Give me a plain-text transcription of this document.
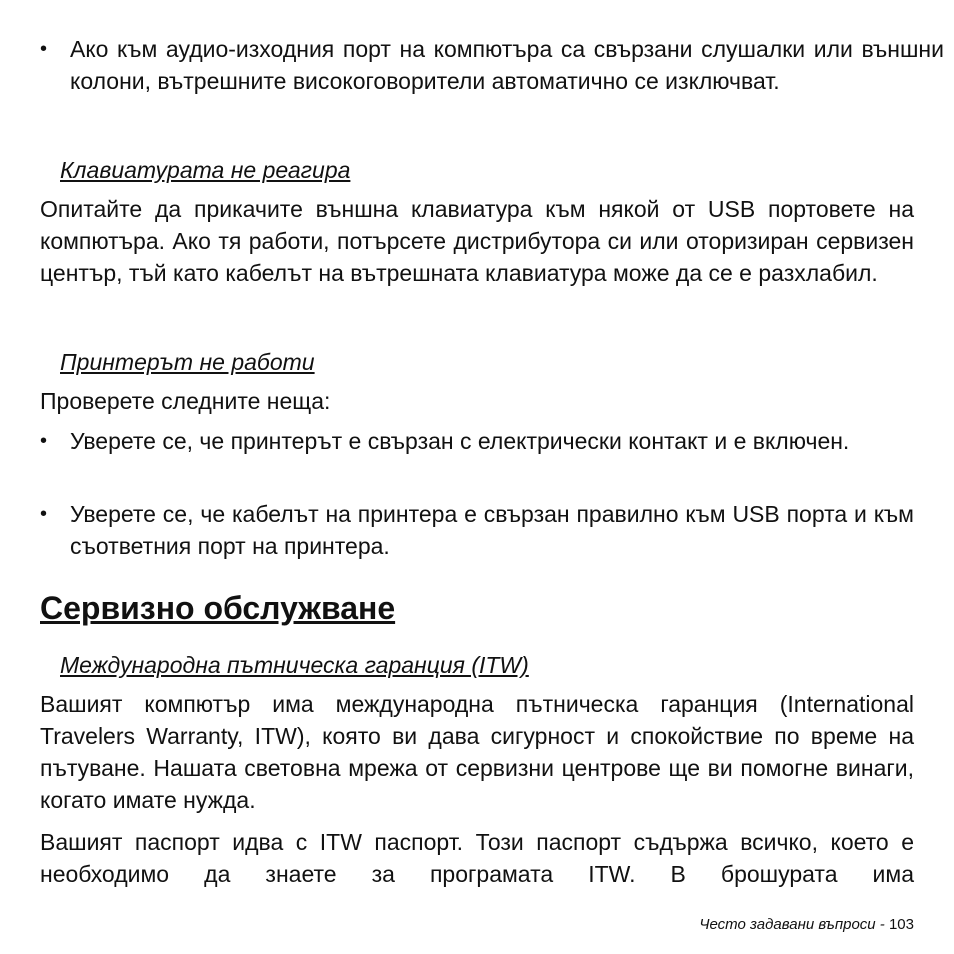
• Ако към аудио-изходния порт на компютъра са свързани слушалки или външни колони, вътрешните високоговорители автоматично се изключват.

Клавиатурата не реагира

Опитайте да прикачите външна клавиатура към някой от USB портовете на компютъра. Ако тя работи, потърсете дистрибутора си или оторизиран сервизен център, тъй като кабелът на вътрешната клавиатура може да се е разхлабил.

Принтерът не работи

Проверете следните неща:

• Уверете се, че принтерът е свързан с електрически контакт и е включен.

• Уверете се, че кабелът на принтера е свързан правилно към USB порта и към съответния порт на принтера.

Сервизно обслужване

Международна пътническа гаранция (ITW)

Вашият компютър има международна пътническа гаранция (International Travelers Warranty, ITW), която ви дава сигурност и спокойствие по време на пътуване. Нашата световна мрежа от сервизни центрове ще ви помогне винаги, когато имате нужда.

Вашият паспорт идва с ITW паспорт. Този паспорт съдържа всичко, което е необходимо да знаете за програмата ITW. В брошурата има

Често задавани въпроси - 103
